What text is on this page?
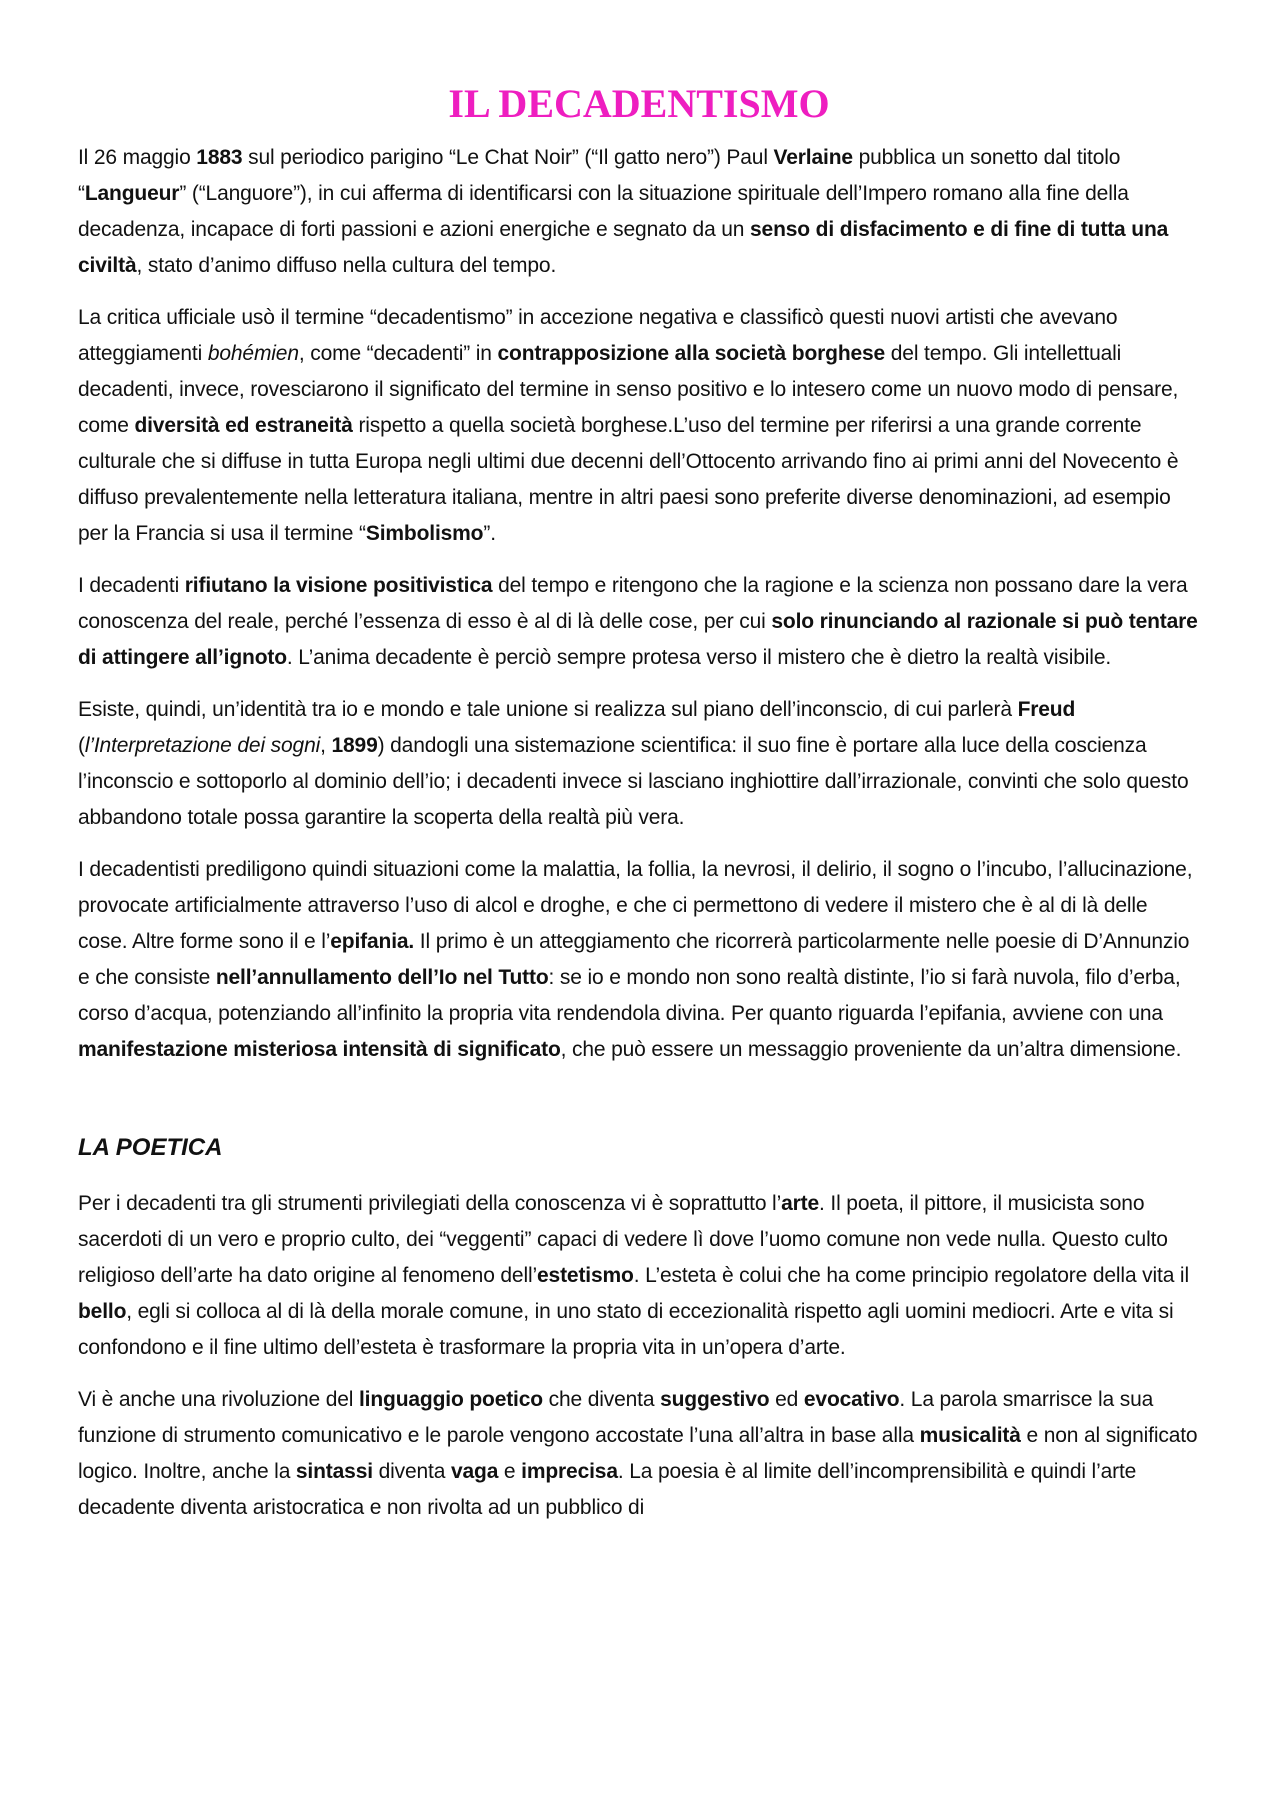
IL DECADENTISMO

Il 26 maggio 1883 sul periodico parigino “Le Chat Noir” (“Il gatto nero”) Paul Verlaine pubblica un sonetto dal titolo “Langueur” (“Languore”), in cui afferma di identificarsi con la situazione spirituale dell’Impero romano alla fine della decadenza, incapace di forti passioni e azioni energiche e segnato da un senso di disfacimento e di fine di tutta una civiltà, stato d’animo diffuso nella cultura del tempo.

La critica ufficiale usò il termine “decadentismo” in accezione negativa e classificò questi nuovi artisti che avevano atteggiamenti bohémien, come “decadenti” in contrapposizione alla società borghese del tempo. Gli intellettuali decadenti, invece, rovesciarono il significato del termine in senso positivo e lo intesero come un nuovo modo di pensare, come diversità ed estraneità rispetto a quella società borghese.L’uso del termine per riferirsi a una grande corrente culturale che si diffuse in tutta Europa negli ultimi due decenni dell’Ottocento arrivando fino ai primi anni del Novecento è diffuso prevalentemente nella letteratura italiana, mentre in altri paesi sono preferite diverse denominazioni, ad esempio per la Francia si usa il termine “Simbolismo”.

I decadenti rifiutano la visione positivistica del tempo e ritengono che la ragione e la scienza non possano dare la vera conoscenza del reale, perché l’essenza di esso è al di là delle cose, per cui solo rinunciando al razionale si può tentare di attingere all’ignoto. L’anima decadente è perciò sempre protesa verso il mistero che è dietro la realtà visibile.

Esiste, quindi, un’identità tra io e mondo e tale unione si realizza sul piano dell’inconscio, di cui parlerà Freud (l’Interpretazione dei sogni, 1899) dandogli una sistemazione scientifica: il suo fine è portare alla luce della coscienza l’inconscio e sottoporlo al dominio dell’io; i decadenti invece si lasciano inghiottire dall’irrazionale, convinti che solo questo abbandono totale possa garantire la scoperta della realtà più vera.

I decadentisti prediligono quindi situazioni come la malattia, la follia, la nevrosi, il delirio, il sogno o l’incubo, l’allucinazione, provocate artificialmente attraverso l’uso di alcol e droghe, e che ci permettono di vedere il mistero che è al di là delle cose. Altre forme sono il e l’epifania. Il primo è un atteggiamento che ricorrerà particolarmente nelle poesie di D’Annunzio e che consiste nell’annullamento dell’Io nel Tutto: se io e mondo non sono realtà distinte, l’io si farà nuvola, filo d’erba, corso d’acqua, potenziando all’infinito la propria vita rendendola divina. Per quanto riguarda l’epifania, avviene con una manifestazione misteriosa intensità di significato, che può essere un messaggio proveniente da un’altra dimensione.

LA POETICA

Per i decadenti tra gli strumenti privilegiati della conoscenza vi è soprattutto l’arte. Il poeta, il pittore, il musicista sono sacerdoti di un vero e proprio culto, dei “veggenti” capaci di vedere lì dove l’uomo comune non vede nulla. Questo culto religioso dell’arte ha dato origine al fenomeno dell’estetismo. L’esteta è colui che ha come principio regolatore della vita il bello, egli si colloca al di là della morale comune, in uno stato di eccezionalità rispetto agli uomini mediocri. Arte e vita si confondono e il fine ultimo dell’esteta è trasformare la propria vita in un’opera d’arte.

Vi è anche una rivoluzione del linguaggio poetico che diventa suggestivo ed evocativo. La parola smarrisce la sua funzione di strumento comunicativo e le parole vengono accostate l’una all’altra in base alla musicalità e non al significato logico. Inoltre, anche la sintassi diventa vaga e imprecisa. La poesia è al limite dell’incomprensibilità e quindi l’arte decadente diventa aristocratica e non rivolta ad un pubblico di
